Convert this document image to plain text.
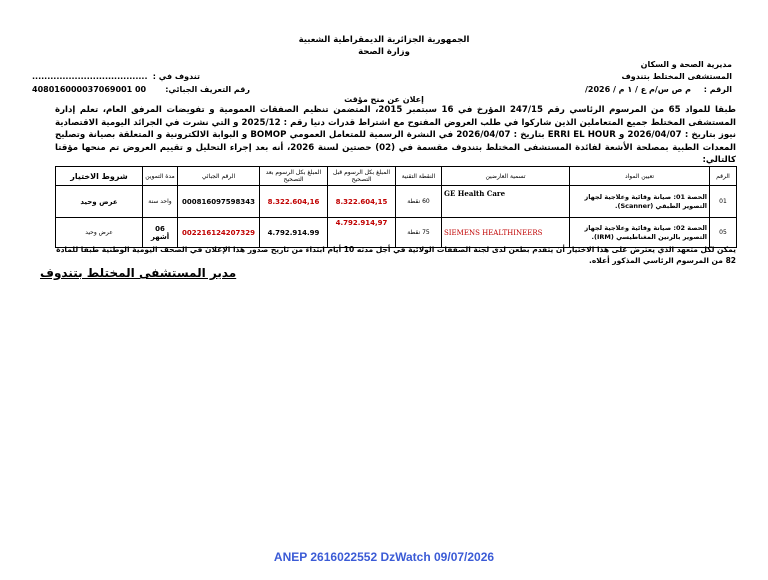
الجمهورية الجزائرية الديمقراطية الشعبية
وزارة الصحة
مديرية الصحة و السكان
المستشفى المختلط بتندوف
الرقم :
/م ص س/م ع / ١ م / 2026
...................................... تندوف في :
408016000037069001 00	رقم التعريف الجبائي:
إعلان عن منح مؤقت
طبقا للمواد 65 من المرسوم الرئاسي رقم 247/15 المؤرخ في 16 سبتمبر 2015، المتضمن تنظيم الصفقات العمومية و تفويضات المرفق العام، تعلم إدارة المستشفى المختلط جميع المتعاملين الذين شاركوا في طلب العروض المفتوح مع اشتراط قدرات دنيا رقم : 2025/12 و التي نشرت في الجرائد اليومية الاقتصادية نيوز بتاريخ : 2026/04/07 و ERRI EL HOUR بتاريخ : 2026/04/07 في النشرة الرسمية للمتعامل العمومي BOMOP و البوابة الالكترونية و المتعلقة بصيانة وتصليح المعدات الطبية بمصلحة الأشعة لفائدة المستشفى المختلط بتندوف مقسمة في (02) حصتين لسنة 2026، أنه بعد إجراء التحليل و تقييم العروض تم منحها مؤقتا كالتالي:
الرقم	تعيين المواد	تسمية العارضين	النقطة التقنية	المبلغ بكل الرسوم قبل التصحيح	المبلغ بكل الرسوم بعد التصحيح	الرقم الجبائي	مدة التموين	شروط الاختيار
01	الحصة 01: صيانة وقائية وعلاجية لجهاز التصوير الطبقي (Scanner).	GE Health Care	60 نقطة	8.322.604,15	8.322.604,16	000816097598343	واحد سنة	عرض وحيد
05	الحصة 02: صيانة وقائية وعلاجية لجهاز التصوير بالرنين المغناطيسي (IRM).	SIEMENS HEALTHINEERS	75 نقطة	4.792.914,97	4.792.914.99	002216124207329	06 أشهر	عرض وحيد
يمكن لكل متعهد الذي يعترض على هذا الاختيار أن يتقدم بطعن لدى لجنة الصفقات الولائية في أجل مدته 10 أيام ابتداء من تاريخ صدور هذا الإعلان في الصحف اليومية الوطنية طبقا للمادة 82 من المرسوم الرئاسي المذكور أعلاه.
مدير المستشفى المختلط بتندوف
ANEP 2616022552 DzWatch 09/07/2026
